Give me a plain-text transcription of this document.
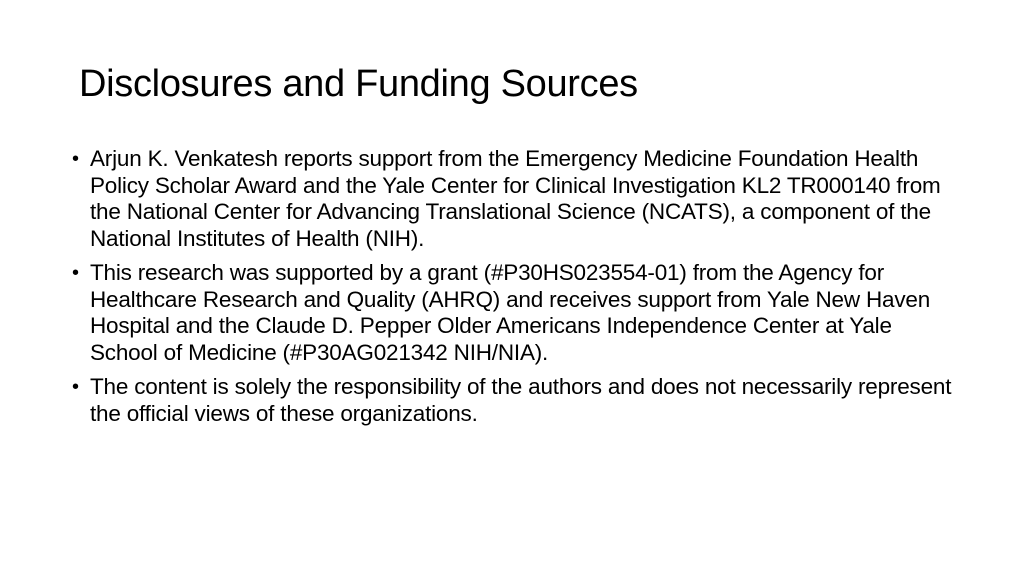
Disclosures and Funding Sources
• Arjun K. Venkatesh reports support from the Emergency Medicine Foundation Health Policy Scholar Award and the Yale Center for Clinical Investigation KL2 TR000140 from the National Center for Advancing Translational Science (NCATS), a component of the National Institutes of Health (NIH).
• This research was supported by a grant (#P30HS023554-01) from the Agency for Healthcare Research and Quality (AHRQ) and receives support from Yale New Haven Hospital and the Claude D. Pepper Older Americans Independence Center at Yale School of Medicine (#P30AG021342 NIH/NIA).
• The content is solely the responsibility of the authors and does not necessarily represent the official views of these organizations.
